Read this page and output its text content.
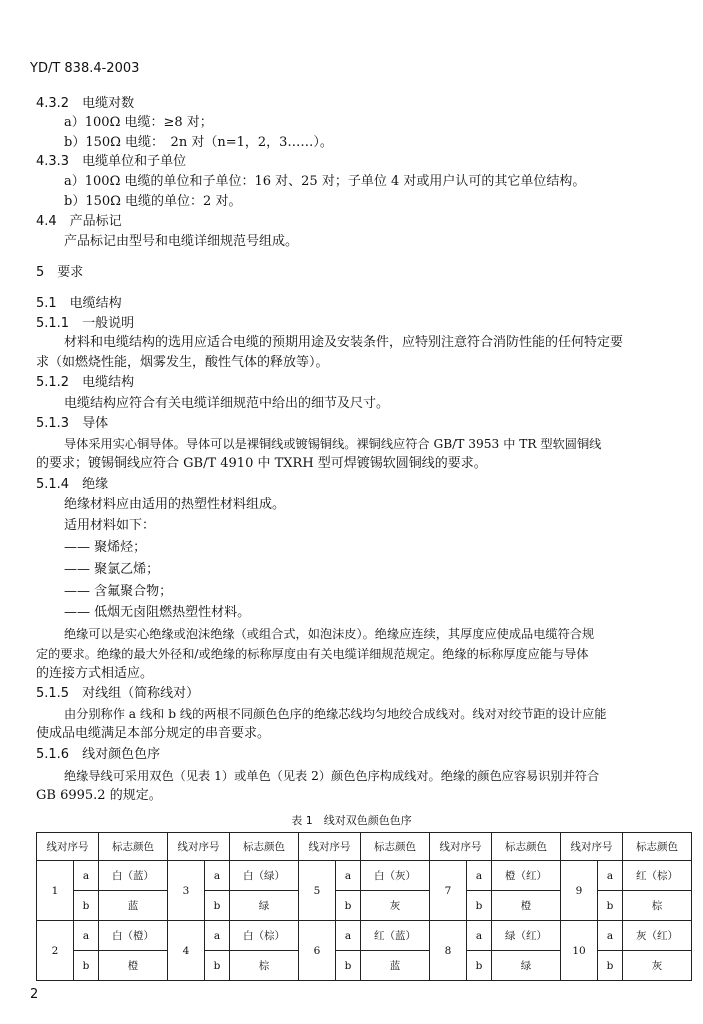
YD/T 838.4-2003
4.3.2　电缆对数
a）100Ω 电缆：≥8 对；
b）150Ω 电缆：　2n 对（n=1，2，3……）。
4.3.3　电缆单位和子单位
a）100Ω 电缆的单位和子单位：16 对、25 对；子单位 4 对或用户认可的其它单位结构。
b）150Ω 电缆的单位：2 对。
4.4　产品标记
产品标记由型号和电缆详细规范号组成。
5　要求
5.1　电缆结构
5.1.1　一般说明
材料和电缆结构的选用应适合电缆的预期用途及安装条件，应特别注意符合消防性能的任何特定要
求（如燃烧性能，烟雾发生，酸性气体的释放等）。
5.1.2　电缆结构
电缆结构应符合有关电缆详细规范中给出的细节及尺寸。
5.1.3　导体
导体采用实心铜导体。导体可以是裸铜线或镀锡铜线。裸铜线应符合 GB/T 3953 中 TR 型软圆铜线
的要求；镀锡铜线应符合 GB/T 4910 中 TXRH 型可焊镀锡软圆铜线的要求。
5.1.4　绝缘
绝缘材料应由适用的热塑性材料组成。
适用材料如下：
—— 聚烯烃；
—— 聚氯乙烯；
—— 含氟聚合物；
—— 低烟无卤阻燃热塑性材料。
绝缘可以是实心绝缘或泡沫绝缘（或组合式，如泡沫皮）。绝缘应连续，其厚度应使成品电缆符合规
定的要求。绝缘的最大外径和/或绝缘的标称厚度由有关电缆详细规范规定。绝缘的标称厚度应能与导体
的连接方式相适应。
5.1.5　对线组（简称线对）
由分别称作 a 线和 b 线的两根不同颜色色序的绝缘芯线均匀地绞合成线对。线对对绞节距的设计应能
使成品电缆满足本部分规定的串音要求。
5.1.6　线对颜色色序
绝缘导线可采用双色（见表 1）或单色（见表 2）颜色色序构成线对。绝缘的颜色应容易识别并符合
GB 6995.2 的规定。
表 1　线对双色颜色色序
线对序号		标志颜色	线对序号		标志颜色	线对序号		标志颜色	线对序号		标志颜色	线对序号		标志颜色
1	a	白（蓝）	3	a	白（绿）	5	a	白（灰）	7	a	橙（红）	9	a	红（棕）
	b	蓝		b	绿		b	灰		b	橙		b	棕
2	a	白（橙）	4	a	白（棕）	6	a	红（蓝）	8	a	绿（红）	10	a	灰（红）
	b	橙		b	棕		b	蓝		b	绿		b	灰
2
